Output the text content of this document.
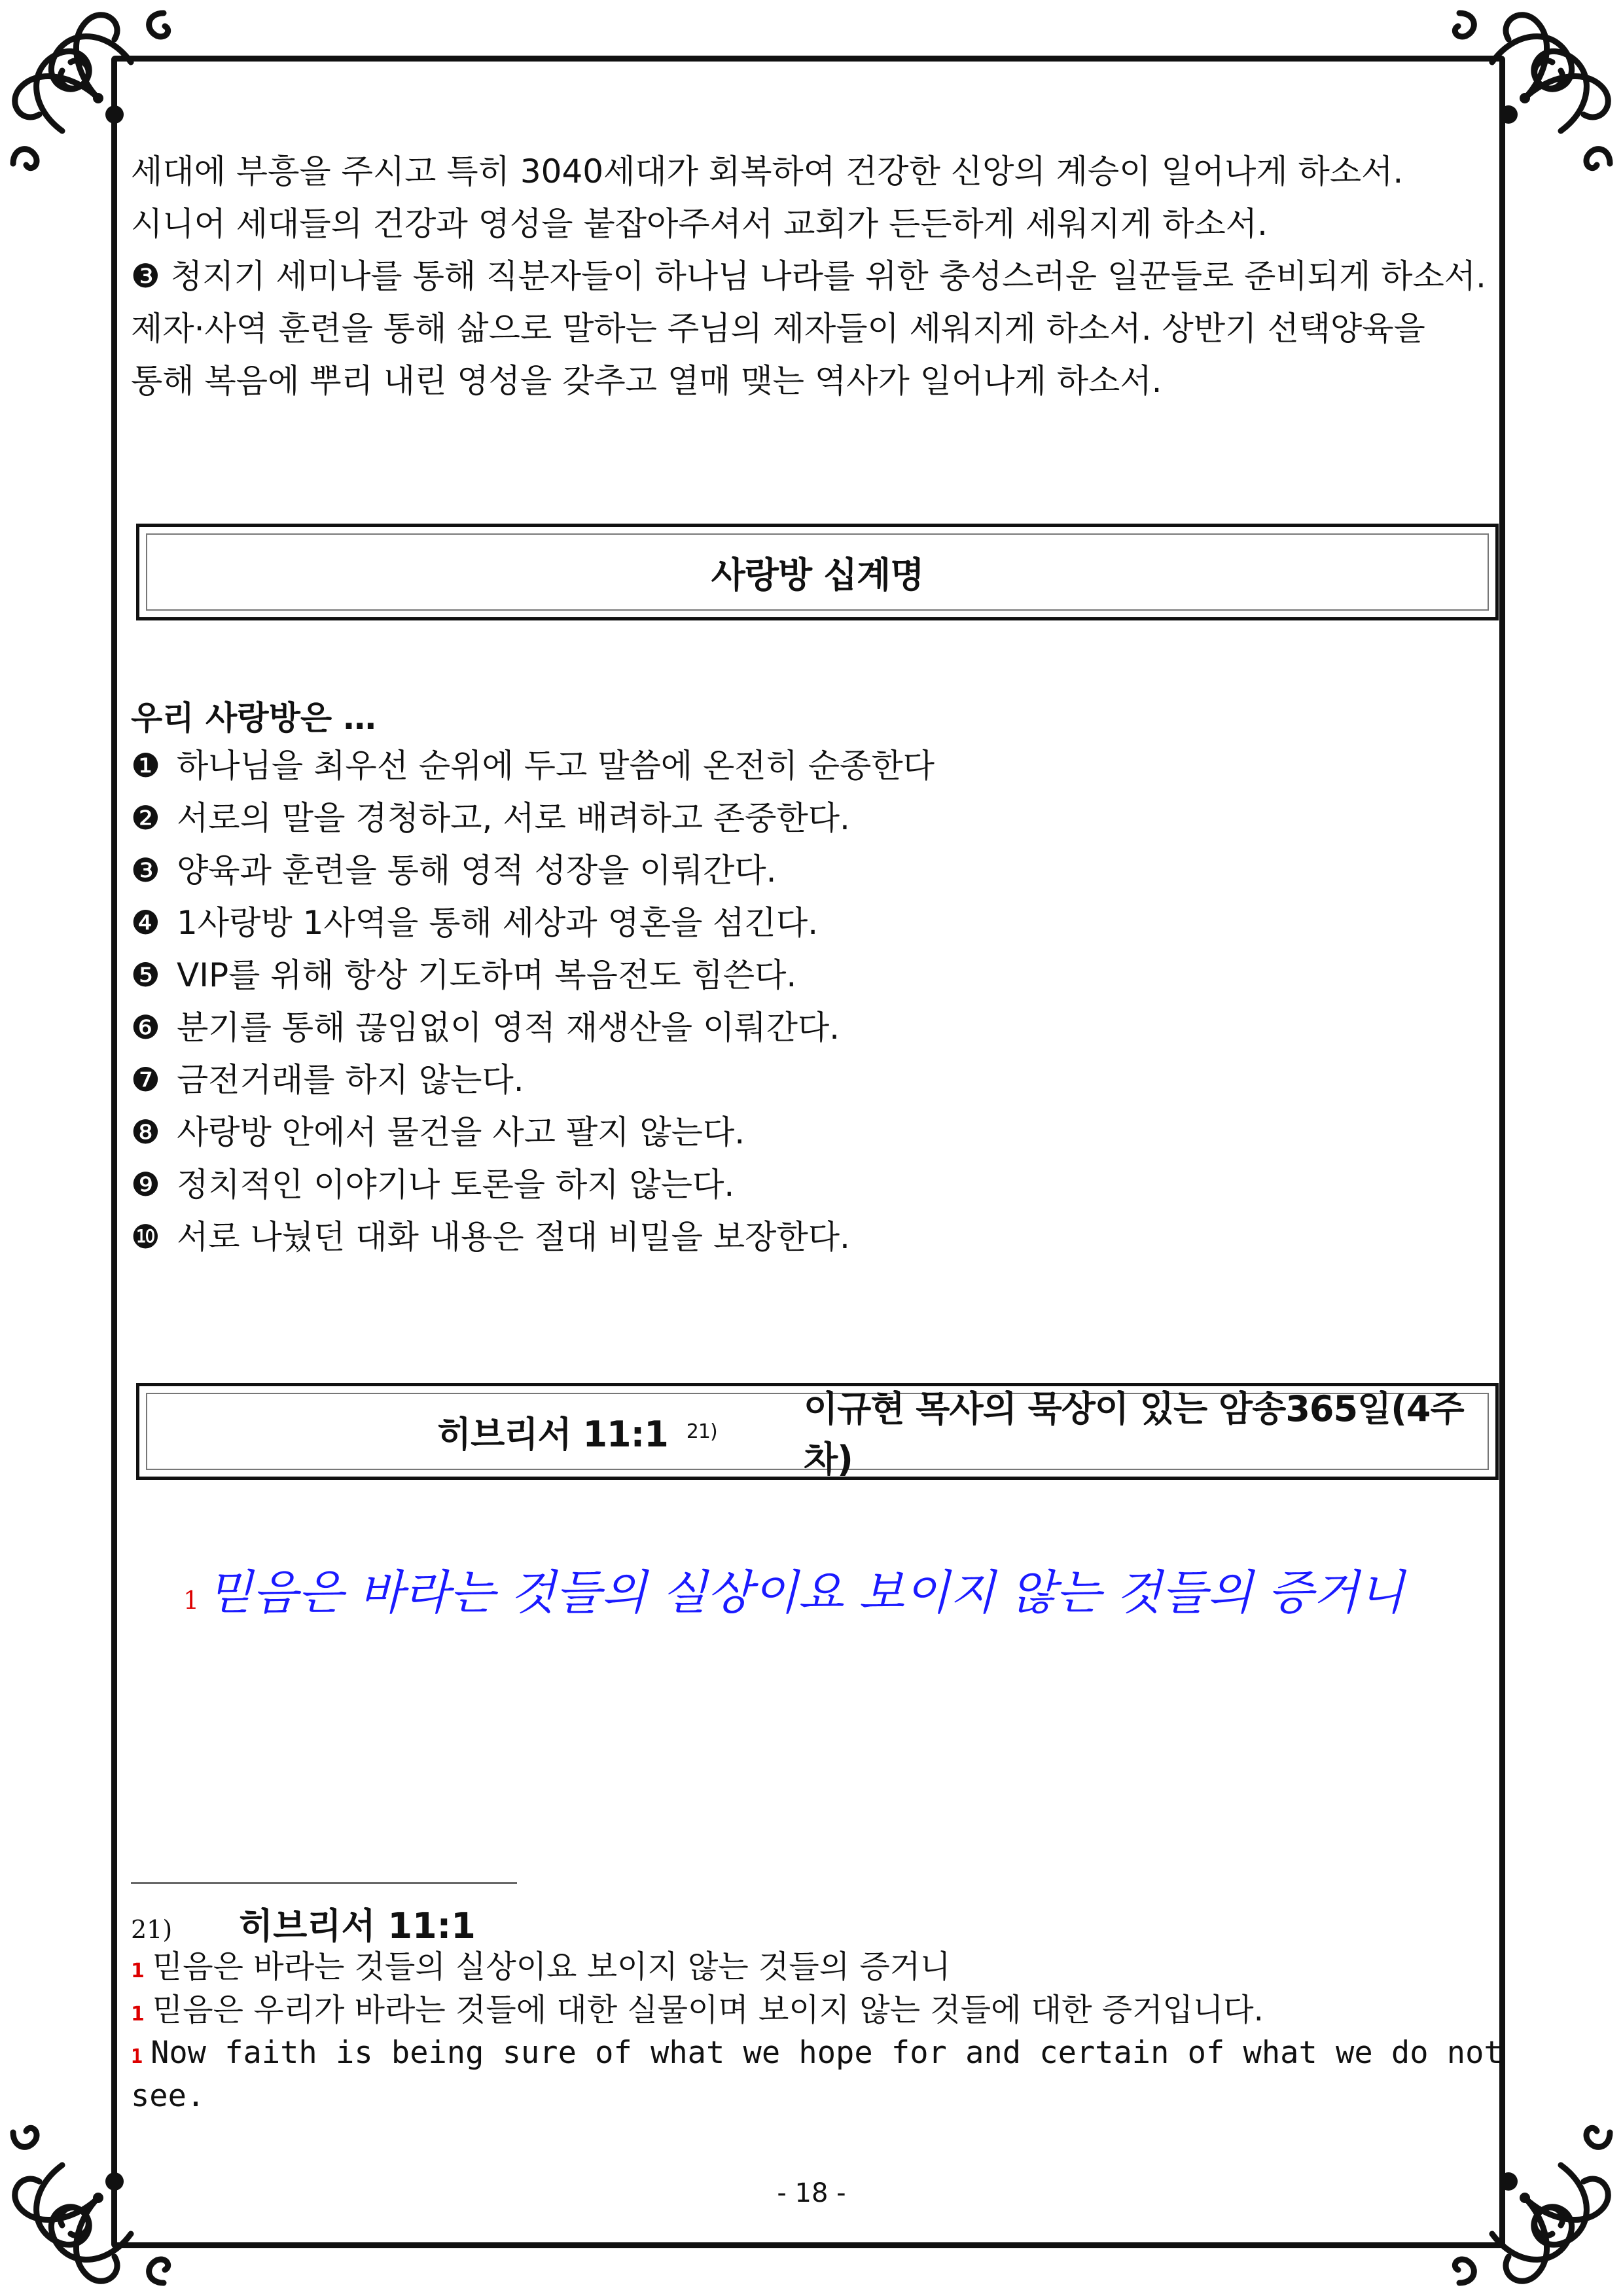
세대에 부흥을 주시고 특히 3040세대가 회복하여 건강한 신앙의 계승이 일어나게 하소서.
시니어 세대들의 건강과 영성을 붙잡아주셔서 교회가 든든하게 세워지게 하소서.
❸ 청지기 세미나를 통해 직분자들이 하나님 나라를 위한 충성스러운 일꾼들로 준비되게 하소서.
제자·사역 훈련을 통해 삶으로 말하는 주님의 제자들이 세워지게 하소서. 상반기 선택양육을
통해 복음에 뿌리 내린 영성을 갖추고 열매 맺는 역사가 일어나게 하소서.
사랑방 십계명
우리 사랑방은 …
❶ 하나님을 최우선 순위에 두고 말씀에 온전히 순종한다
❷ 서로의 말을 경청하고, 서로 배려하고 존중한다.
❸ 양육과 훈련을 통해 영적 성장을 이뤄간다.
❹ 1사랑방 1사역을 통해 세상과 영혼을 섬긴다.
❺ VIP를 위해 항상 기도하며 복음전도 힘쓴다.
❻ 분기를 통해 끊임없이 영적 재생산을 이뤄간다.
❼ 금전거래를 하지 않는다.
❽ 사랑방 안에서 물건을 사고 팔지 않는다.
❾ 정치적인 이야기나 토론을 하지 않는다.
❿ 서로 나눴던 대화 내용은 절대 비밀을 보장한다.
히브리서 11:1 21)
이규현 목사의 묵상이 있는 암송365일(4주차)
1 믿음은 바라는 것들의 실상이요 보이지 않는 것들의 증거니
21) 히브리서 11:1
1 믿음은 바라는 것들의 실상이요 보이지 않는 것들의 증거니
1 믿음은 우리가 바라는 것들에 대한 실물이며 보이지 않는 것들에 대한 증거입니다.
1 Now faith is being sure of what we hope for and certain of what we do not
see.
- 18 -
